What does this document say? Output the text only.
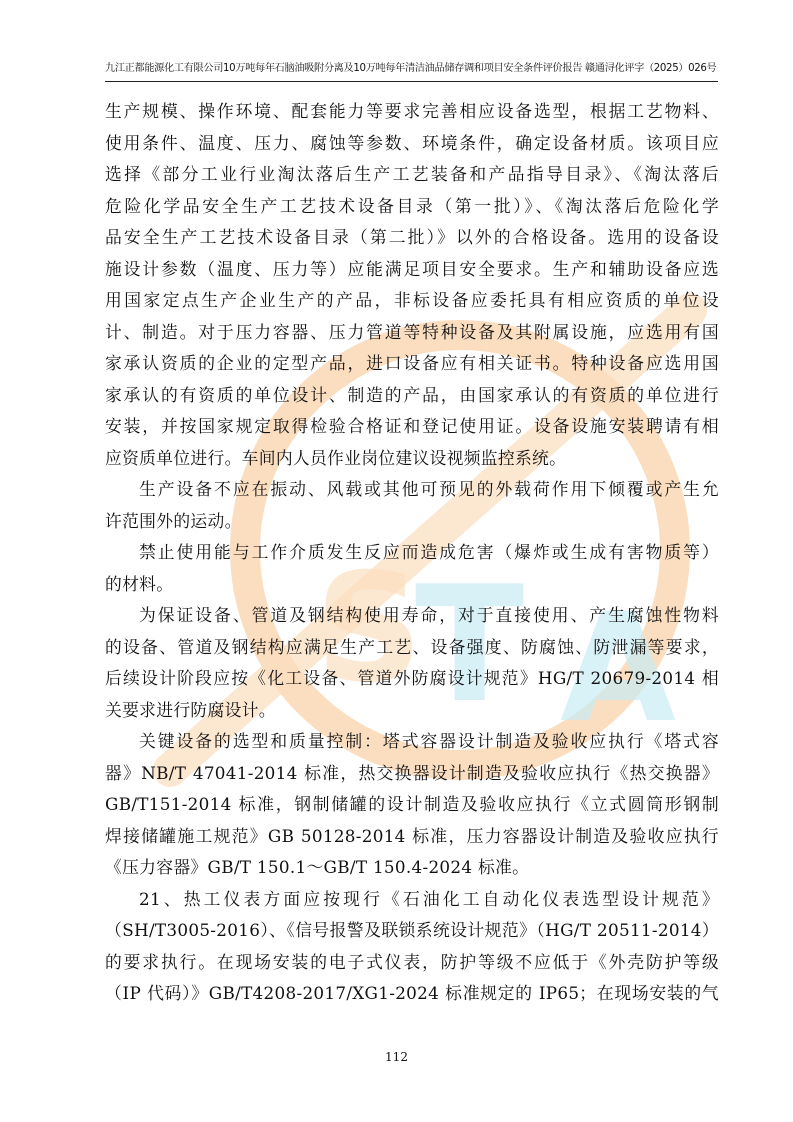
S
T A
九江正都能源化工有限公司10万吨每年石脑油吸附分离及10万吨每年清洁油品储存调和项目安全条件评价报告 赣通浔化评字（2025）026号
生产规模、操作环境、配套能力等要求完善相应设备选型，根据工艺物料、
使用条件、温度、压力、腐蚀等参数、环境条件，确定设备材质。该项目应
选择《部分工业行业淘汰落后生产工艺装备和产品指导目录》、《淘汰落后
危险化学品安全生产工艺技术设备目录（第一批）》、《淘汰落后危险化学
品安全生产工艺技术设备目录（第二批）》以外的合格设备。选用的设备设
施设计参数（温度、压力等）应能满足项目安全要求。生产和辅助设备应选
用国家定点生产企业生产的产品，非标设备应委托具有相应资质的单位设
计、制造。对于压力容器、压力管道等特种设备及其附属设施，应选用有国
家承认资质的企业的定型产品，进口设备应有相关证书。特种设备应选用国
家承认的有资质的单位设计、制造的产品，由国家承认的有资质的单位进行
安装，并按国家规定取得检验合格证和登记使用证。设备设施安装聘请有相
应资质单位进行。车间内人员作业岗位建议设视频监控系统。
生产设备不应在振动、风载或其他可预见的外载荷作用下倾覆或产生允
许范围外的运动。
禁止使用能与工作介质发生反应而造成危害（爆炸或生成有害物质等）
的材料。
为保证设备、管道及钢结构使用寿命，对于直接使用、产生腐蚀性物料
的设备、管道及钢结构应满足生产工艺、设备强度、防腐蚀、防泄漏等要求，
后续设计阶段应按《化工设备、管道外防腐设计规范》HG/T 20679-2014 相
关要求进行防腐设计。
关键设备的选型和质量控制：塔式容器设计制造及验收应执行《塔式容
器》NB/T 47041-2014 标准，热交换器设计制造及验收应执行《热交换器》
GB/T151-2014 标准，钢制储罐的设计制造及验收应执行《立式圆筒形钢制
焊接储罐施工规范》GB 50128-2014 标准，压力容器设计制造及验收应执行
《压力容器》GB/T 150.1～GB/T 150.4-2024 标准。
21、热工仪表方面应按现行《石油化工自动化仪表选型设计规范》
（SH/T3005-2016）、《信号报警及联锁系统设计规范》（HG/T 20511-2014）
的要求执行。在现场安装的电子式仪表，防护等级不应低于《外壳防护等级
（IP 代码）》GB/T4208-2017/XG1-2024 标准规定的 IP65；在现场安装的气
112
